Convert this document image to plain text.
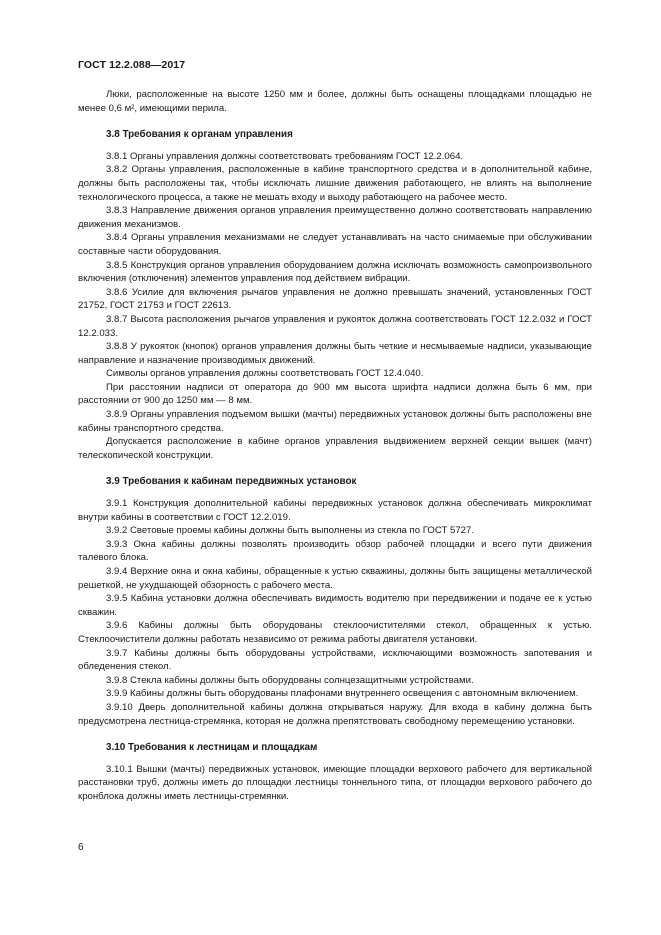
ГОСТ 12.2.088—2017

Люки, расположенные на высоте 1250 мм и более, должны быть оснащены площадками площадью не менее 0,6 м², имеющими перила.

3.8 Требования к органам управления

3.8.1 Органы управления должны соответствовать требованиям ГОСТ 12.2.064.

3.8.2 Органы управления, расположенные в кабине транспортного средства и в дополнительной кабине, должны быть расположены так, чтобы исключать лишние движения работающего, не влиять на выполнение технологического процесса, а также не мешать входу и выходу работающего на рабочее место.

3.8.3 Направление движения органов управления преимущественно должно соответствовать направлению движения механизмов.

3.8.4 Органы управления механизмами не следует устанавливать на часто снимаемые при обслуживании составные части оборудования.

3.8.5 Конструкция органов управления оборудованием должна исключать возможность самопроизвольного включения (отключения) элементов управления под действием вибрации.

3.8.6 Усилие для включения рычагов управления не должно превышать значений, установленных ГОСТ 21752, ГОСТ 21753 и ГОСТ 22613.

3.8.7 Высота расположения рычагов управления и рукояток должна соответствовать ГОСТ 12.2.032 и ГОСТ 12.2.033.

3.8.8 У рукояток (кнопок) органов управления должны быть четкие и несмываемые надписи, указывающие направление и назначение производимых движений.

Символы органов управления должны соответствовать ГОСТ 12.4.040.

При расстоянии надписи от оператора до 900 мм высота шрифта надписи должна быть 6 мм, при расстоянии от 900 до 1250 мм — 8 мм.

3.8.9 Органы управления подъемом вышки (мачты) передвижных установок должны быть расположены вне кабины транспортного средства.

Допускается расположение в кабине органов управления выдвижением верхней секции вышек (мачт) телескопической конструкции.

3.9 Требования к кабинам передвижных установок

3.9.1 Конструкция дополнительной кабины передвижных установок должна обеспечивать микроклимат внутри кабины в соответствии с ГОСТ 12.2.019.

3.9.2 Световые проемы кабины должны быть выполнены из стекла по ГОСТ 5727.

3.9.3 Окна кабины должны позволять производить обзор рабочей площадки и всего пути движения талевого блока.

3.9.4 Верхние окна и окна кабины, обращенные к устью скважины, должны быть защищены металлической решеткой, не ухудшающей обзорность с рабочего места.

3.9.5 Кабина установки должна обеспечивать видимость водителю при передвижении и подаче ее к устью скважин.

3.9.6 Кабины должны быть оборудованы стеклоочистителями стекол, обращенных к устью. Стеклоочистители должны работать независимо от режима работы двигателя установки.

3.9.7 Кабины должны быть оборудованы устройствами, исключающими возможность запотевания и обледенения стекол.

3.9.8 Стекла кабины должны быть оборудованы солнцезащитными устройствами.

3.9.9 Кабины должны быть оборудованы плафонами внутреннего освещения с автономным включением.

3.9.10 Дверь дополнительной кабины должна открываться наружу. Для входа в кабину должна быть предусмотрена лестница-стремянка, которая не должна препятствовать свободному перемещению установки.

3.10 Требования к лестницам и площадкам

3.10.1 Вышки (мачты) передвижных установок, имеющие площадки верхового рабочего для вертикальной расстановки труб, должны иметь до площадки лестницы тоннельного типа, от площадки верхового рабочего до кронблока должны иметь лестницы-стремянки.

6
